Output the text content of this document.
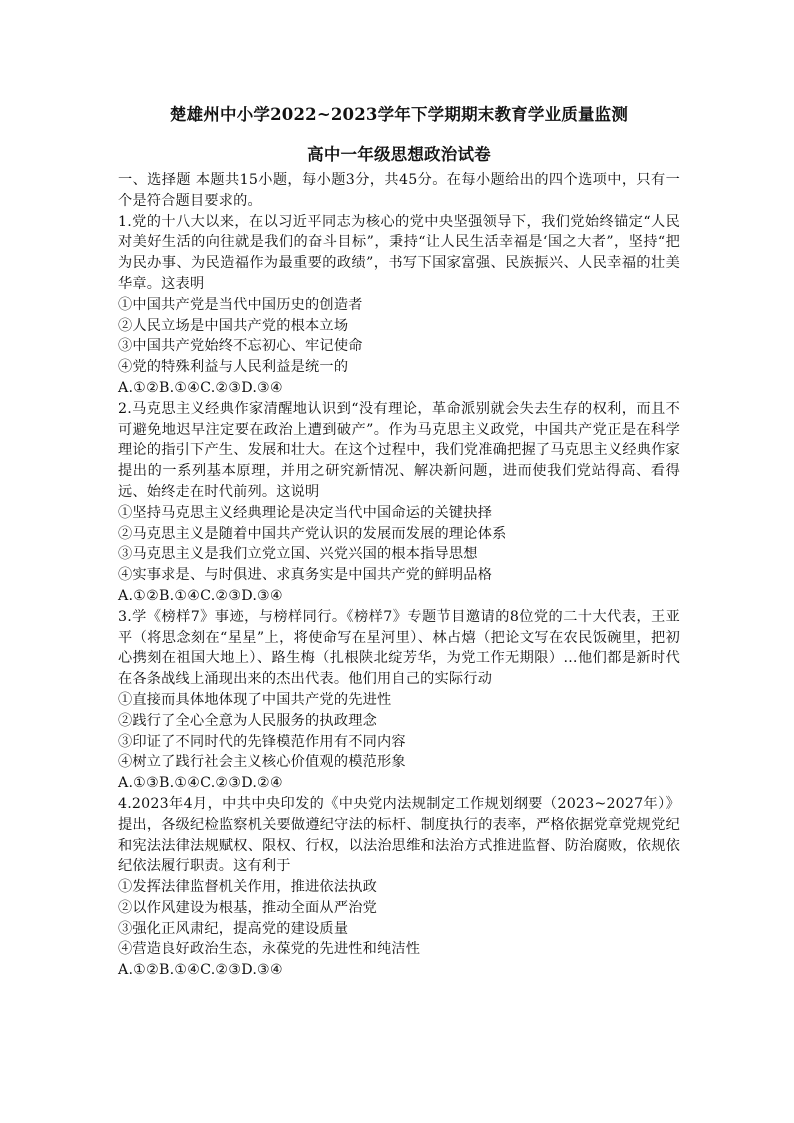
楚雄州中小学2022~2023学年下学期期末教育学业质量监测

高中一年级思想政治试卷

一、选择题 本题共15小题，每小题3分，共45分。在每小题给出的四个选项中，只有一个是符合题目要求的。

1.党的十八大以来，在以习近平同志为核心的党中央坚强领导下，我们党始终锚定“人民对美好生活的向往就是我们的奋斗目标”，秉持“让人民生活幸福是‘国之大者”，坚持“把为民办事、为民造福作为最重要的政绩”，书写下国家富强、民族振兴、人民幸福的壮美华章。这表明

①中国共产党是当代中国历史的创造者

②人民立场是中国共产党的根本立场

③中国共产党始终不忘初心、牢记使命

④党的特殊利益与人民利益是统一的

A.①②B.①④C.②③D.③④

2.马克思主义经典作家清醒地认识到“没有理论，革命派别就会失去生存的权利，而且不可避免地迟早注定要在政治上遭到破产”。作为马克思主义政党，中国共产党正是在科学理论的指引下产生、发展和壮大。在这个过程中，我们党准确把握了马克思主义经典作家提出的一系列基本原理，并用之研究新情况、解决新问题，进而使我们党站得高、看得远、始终走在时代前列。这说明

①坚持马克思主义经典理论是决定当代中国命运的关键抉择

②马克思主义是随着中国共产党认识的发展而发展的理论体系

③马克思主义是我们立党立国、兴党兴国的根本指导思想

④实事求是、与时俱进、求真务实是中国共产党的鲜明品格

A.①②B.①④C.②③D.③④

3.学《榜样7》事迹，与榜样同行。《榜样7》专题节目邀请的8位党的二十大代表，王亚平（将思念刻在“星星”上，将使命写在星河里）、林占熺（把论文写在农民饭碗里，把初心携刻在祖国大地上）、路生梅（扎根陕北绽芳华，为党工作无期限）…他们都是新时代在各条战线上涌现出来的杰出代表。他们用自己的实际行动

①直接而具体地体现了中国共产党的先进性

②践行了全心全意为人民服务的执政理念

③印证了不同时代的先锋模范作用有不同内容

④树立了践行社会主义核心价值观的模范形象

A.①③B.①④C.②③D.②④

4.2023年4月，中共中央印发的《中央党内法规制定工作规划纲要（2023~2027年）》提出，各级纪检监察机关要做遵纪守法的标杆、制度执行的表率，严格依据党章党规党纪和宪法法律法规赋权、限权、行权，以法治思维和法治方式推进监督、防治腐败，依规依纪依法履行职责。这有利于

①发挥法律监督机关作用，推进依法执政

②以作风建设为根基，推动全面从严治党

③强化正风肃纪，提高党的建设质量

④营造良好政治生态，永葆党的先进性和纯洁性

A.①②B.①④C.②③D.③④
